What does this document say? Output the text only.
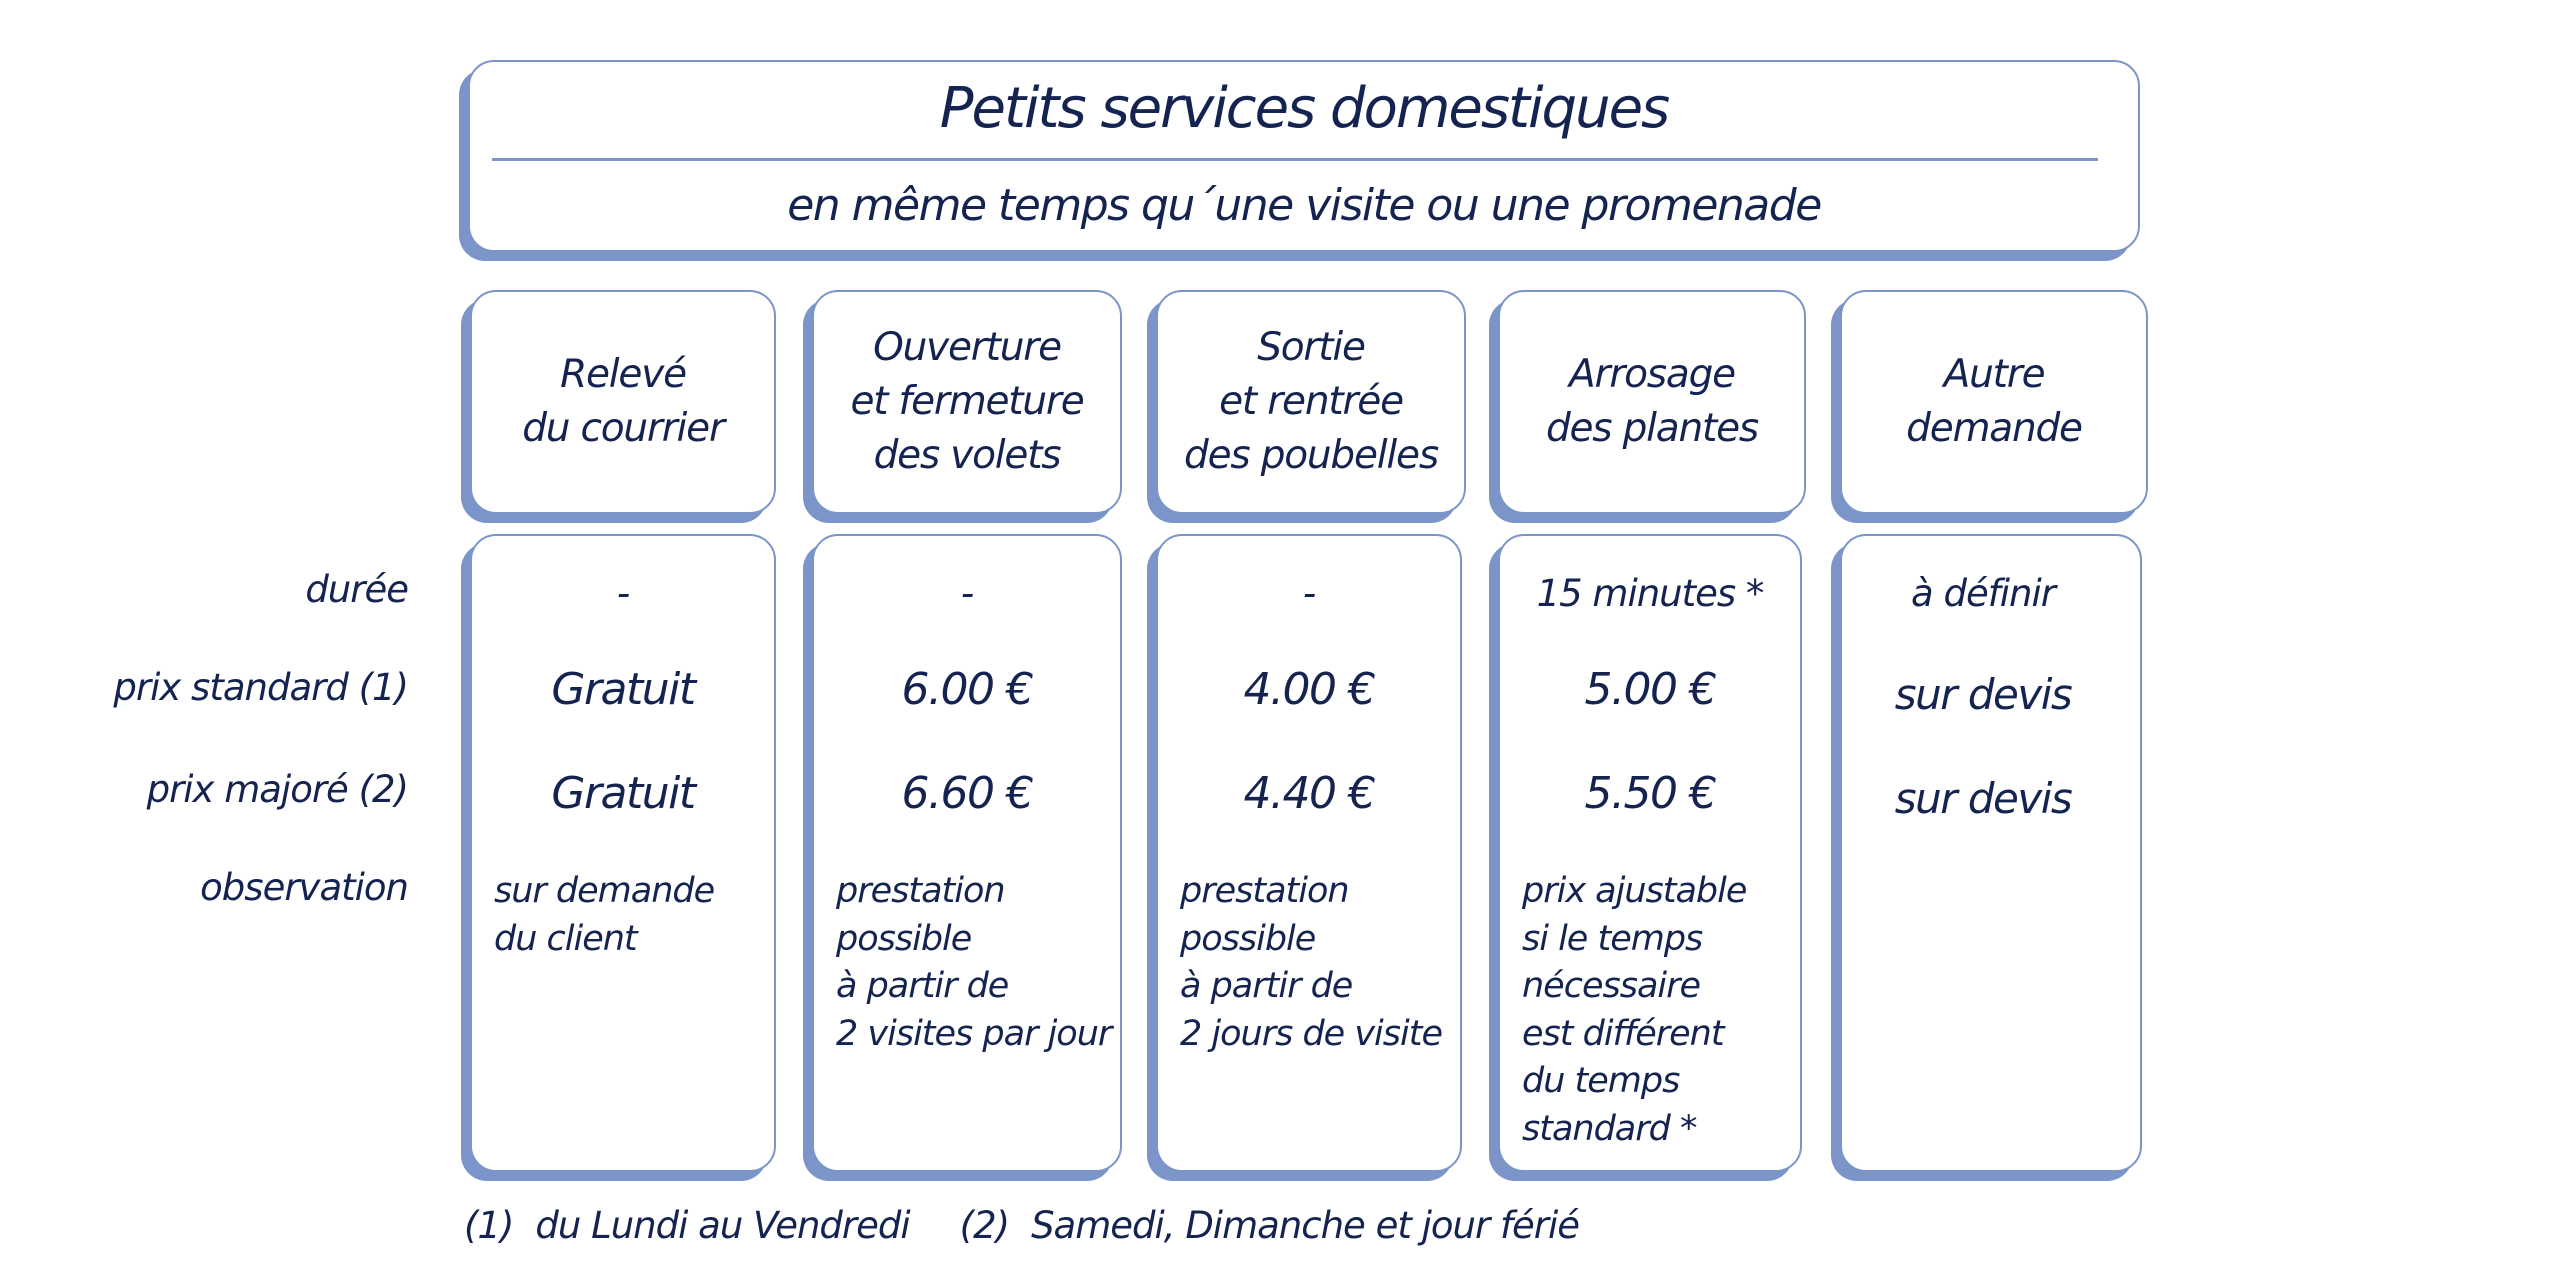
Petits services domestiques
en même temps qu´une visite ou une promenade
durée
prix standard (1)
prix majoré (2)
observation
Relevé
du courrier
-
Gratuit
Gratuit
sur demande
du client
Ouverture
et fermeture
des volets
-
6.00 €
6.60 €
prestation
possible
à partir de
2 visites par jour
Sortie
et rentrée
des poubelles
-
4.00 €
4.40 €
prestation
possible
à partir de
2 jours de visite
Arrosage
des plantes
15 minutes *
5.00 €
5.50 €
prix ajustable
si le temps
nécessaire
est différent
du temps
standard *
Autre
demande
à définir
sur devis
sur devis
(1) du Lundi au Vendredi (2) Samedi, Dimanche et jour férié
